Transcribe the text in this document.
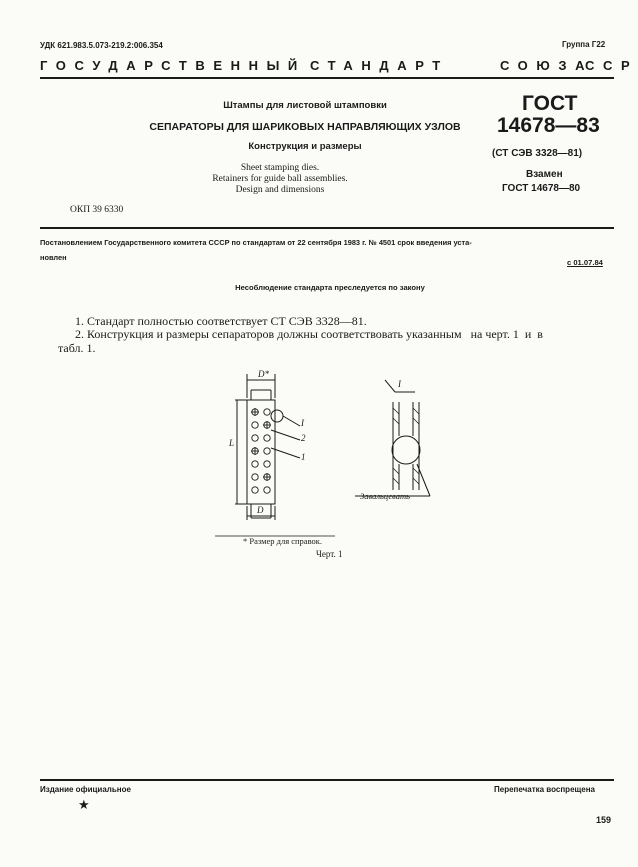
УДК 621.983.5.073-219.2:006.354	Группа Г22
ГОСУДАРСТВЕННЫЙ СТАНДАРТ	СОЮЗА
ССР
Штампы для листовой штамповки
СЕПАРАТОРЫ ДЛЯ ШАРИКОВЫХ НАПРАВЛЯЮЩИХ УЗЛОВ
Конструкция и размеры
Sheet stamping dies.
Retainers for guide ball assemblies.
Design and dimensions
ОКП 39 6330
ГОСТ
14678—83
(СТ СЭВ 3328—81)
Взамен
ГОСТ 14678—80
Постановлением Государственного комитета СССР по стандартам от 22 сентября 1983 г. № 4501 срок введения уста-
новлен
с 01.07.84
Несоблюдение стандарта преследуется по закону
1. Стандарт полностью соответствует СТ СЭВ 3328—81.
2. Конструкция и размеры сепараторов должны соответствовать указанным   на черт. 1  и  в
табл. 1.
D*
L
D
I
2
1
I
Завальцевать
* Размер для справок.
Черт. 1
Издание официальное	Перепечатка воспрещена
★
159
